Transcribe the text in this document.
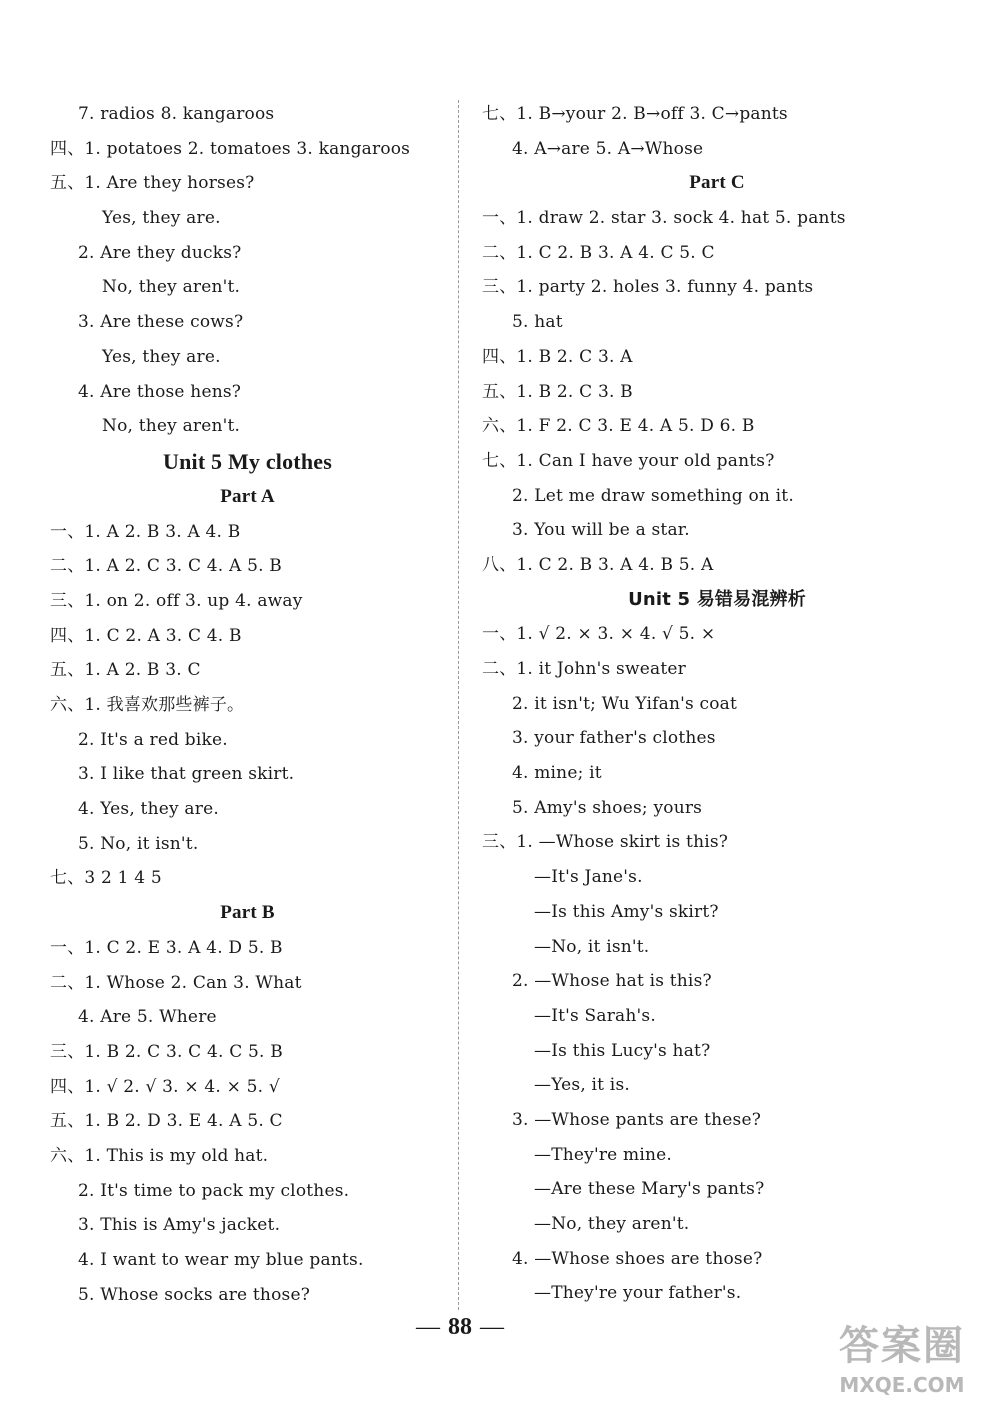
7. radios 8. kangaroos
四、1. potatoes 2. tomatoes 3. kangaroos
五、1. Are they horses?
Yes, they are.
2. Are they ducks?
No, they aren't.
3. Are these cows?
Yes, they are.
4. Are those hens?
No, they aren't.
Unit 5 My clothes
Part A
一、1. A 2. B 3. A 4. B
二、1. A 2. C 3. C 4. A 5. B
三、1. on 2. off 3. up 4. away
四、1. C 2. A 3. C 4. B
五、1. A 2. B 3. C
六、1. 我喜欢那些裤子。
2. It's a red bike.
3. I like that green skirt.
4. Yes, they are.
5. No, it isn't.
七、3 2 1 4 5
Part B
一、1. C 2. E 3. A 4. D 5. B
二、1. Whose 2. Can 3. What
4. Are 5. Where
三、1. B 2. C 3. C 4. C 5. B
四、1. √ 2. √ 3. × 4. × 5. √
五、1. B 2. D 3. E 4. A 5. C
六、1. This is my old hat.
2. It's time to pack my clothes.
3. This is Amy's jacket.
4. I want to wear my blue pants.
5. Whose socks are those?
七、1. B→your 2. B→off 3. C→pants
4. A→are 5. A→Whose
Part C
一、1. draw 2. star 3. sock 4. hat 5. pants
二、1. C 2. B 3. A 4. C 5. C
三、1. party 2. holes 3. funny 4. pants
5. hat
四、1. B 2. C 3. A
五、1. B 2. C 3. B
六、1. F 2. C 3. E 4. A 5. D 6. B
七、1. Can I have your old pants?
2. Let me draw something on it.
3. You will be a star.
八、1. C 2. B 3. A 4. B 5. A
Unit 5 易错易混辨析
一、1. √ 2. × 3. × 4. √ 5. ×
二、1. it John's sweater
2. it isn't; Wu Yifan's coat
3. your father's clothes
4. mine; it
5. Amy's shoes; yours
三、1. —Whose skirt is this?
—It's Jane's.
—Is this Amy's skirt?
—No, it isn't.
2. —Whose hat is this?
—It's Sarah's.
—Is this Lucy's hat?
—Yes, it is.
3. —Whose pants are these?
—They're mine.
—Are these Mary's pants?
—No, they aren't.
4. —Whose shoes are those?
—They're your father's.
— 88 —	答案圈
MXQE.COM
